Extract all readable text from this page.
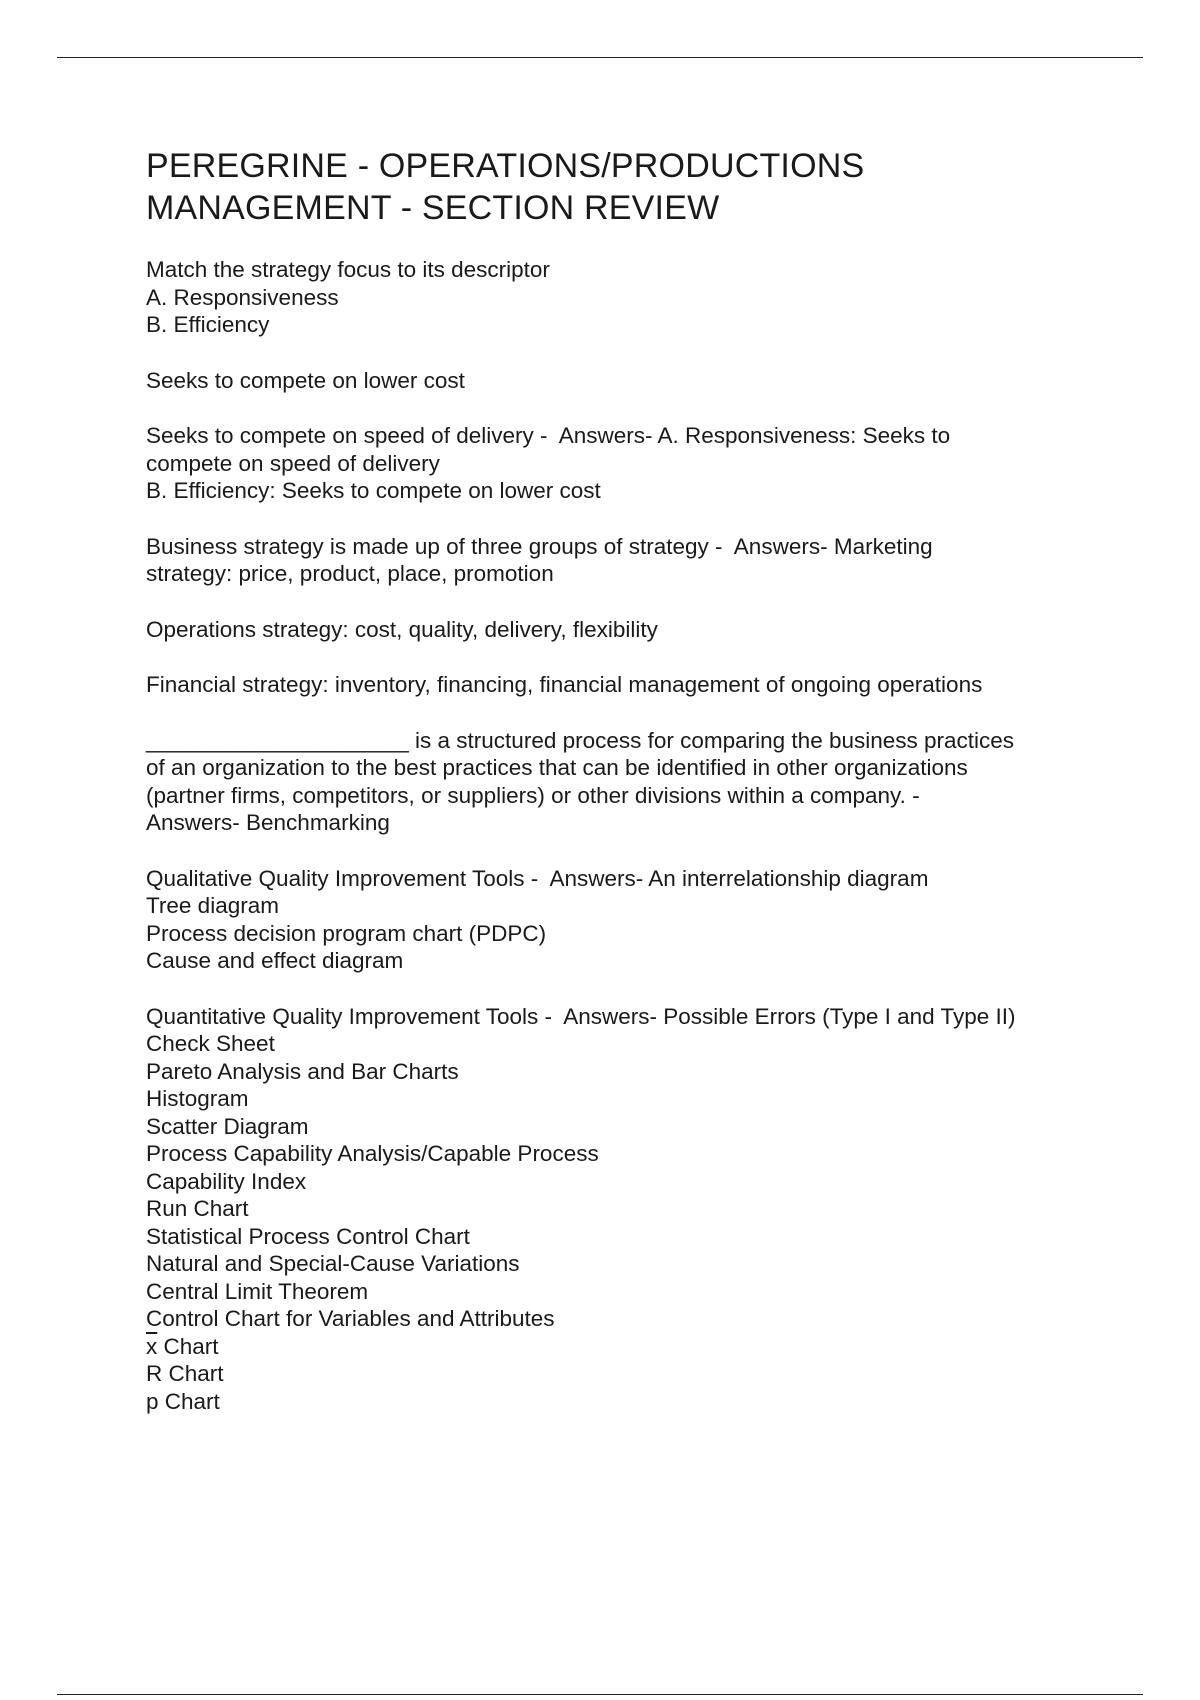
PEREGRINE - OPERATIONS/PRODUCTIONS
MANAGEMENT - SECTION REVIEW

Match the strategy focus to its descriptor

A. Responsiveness

B. Efficiency

Seeks to compete on lower cost

Seeks to compete on speed of delivery -  Answers- A. Responsiveness: Seeks to

compete on speed of delivery

B. Efficiency: Seeks to compete on lower cost

Business strategy is made up of three groups of strategy -  Answers- Marketing

strategy: price, product, place, promotion

Operations strategy: cost, quality, delivery, flexibility

Financial strategy: inventory, financing, financial management of ongoing operations

_____________________ is a structured process for comparing the business practices

of an organization to the best practices that can be identified in other organizations

(partner firms, competitors, or suppliers) or other divisions within a company. -

Answers- Benchmarking

Qualitative Quality Improvement Tools -  Answers- An interrelationship diagram

Tree diagram

Process decision program chart (PDPC)

Cause and effect diagram

Quantitative Quality Improvement Tools -  Answers- Possible Errors (Type I and Type II)

Check Sheet

Pareto Analysis and Bar Charts

Histogram

Scatter Diagram

Process Capability Analysis/Capable Process

Capability Index

Run Chart

Statistical Process Control Chart

Natural and Special-Cause Variations

Central Limit Theorem

Control Chart for Variables and Attributes

$\overline{x}$ Chart

R Chart

p Chart
